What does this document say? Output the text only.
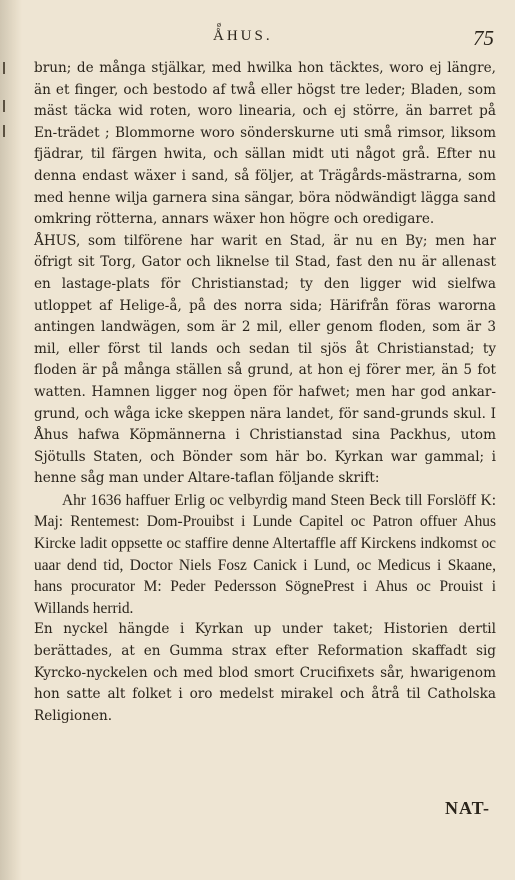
ø
ÅHUS.	75

brun; de många stjälkar, med hwilka hon täcktes, woro ej längre, än et finger, och bestodo af twå eller högst tre leder; Bladen, som mäst täcka wid roten, woro linearia, och ej större, än barret på En-trädet ; Blommorne woro sönderskurne uti små rimsor, liksom fjädrar, til färgen hwita, och sällan midt uti något grå. Efter nu denna endast wäxer i sand, så följer, at Trägårds-mästrarna, som med henne wilja garnera sina sängar, böra nödwändigt lägga sand omkring rötterna, annars wäxer hon högre och oredigare.

ÅHUS, som tilförene har warit en Stad, är nu en By; men har öfrigt sit Torg, Gator och liknelse til Stad, fast den nu är allenast en lastage-plats för Christianstad; ty den ligger wid sielfwa utloppet af Helige-å, på des norra sida; Härifrån föras warorna antingen landwägen, som är 2 mil, eller genom floden, som är 3 mil, eller först til lands och sedan til sjös åt Christianstad; ty floden är på många ställen så grund, at hon ej förer mer, än 5 fot watten. Hamnen ligger nog öpen för hafwet; men har god ankar-grund, och wåga icke skeppen nära landet, för sand-grunds skul. I Åhus hafwa Köpmännerna i Christianstad sina Packhus, utom Sjötulls Staten, och Bönder som här bo. Kyrkan war gammal; i henne såg man under Altare-taflan följande skrift:

Ahr 1636 haffuer Erlig oc velbyrdig mand Steen Beck till Forslöff K: Maj: Rentemest: Dom-Prouibst i Lunde Capitel oc Patron offuer Ahus Kircke ladit oppsette oc staffire denne Altertaffle aff Kirckens indkomst oc uaar dend tid, Doctor Niels Fosz Canick i Lund, oc Medicus i Skaane, hans procurator M: Peder Pedersson SögnePrest i Ahus oc Prouist i Willands herrid.

En nyckel hängde i Kyrkan up under taket; Historien dertil berättades, at en Gumma strax efter Reformation skaffadt sig Kyrcko-nyckelen och med blod smort Crucifixets sår, hwarigenom hon satte alt folket i oro medelst mirakel och åtrå til Catholska Religionen.

NAT-
